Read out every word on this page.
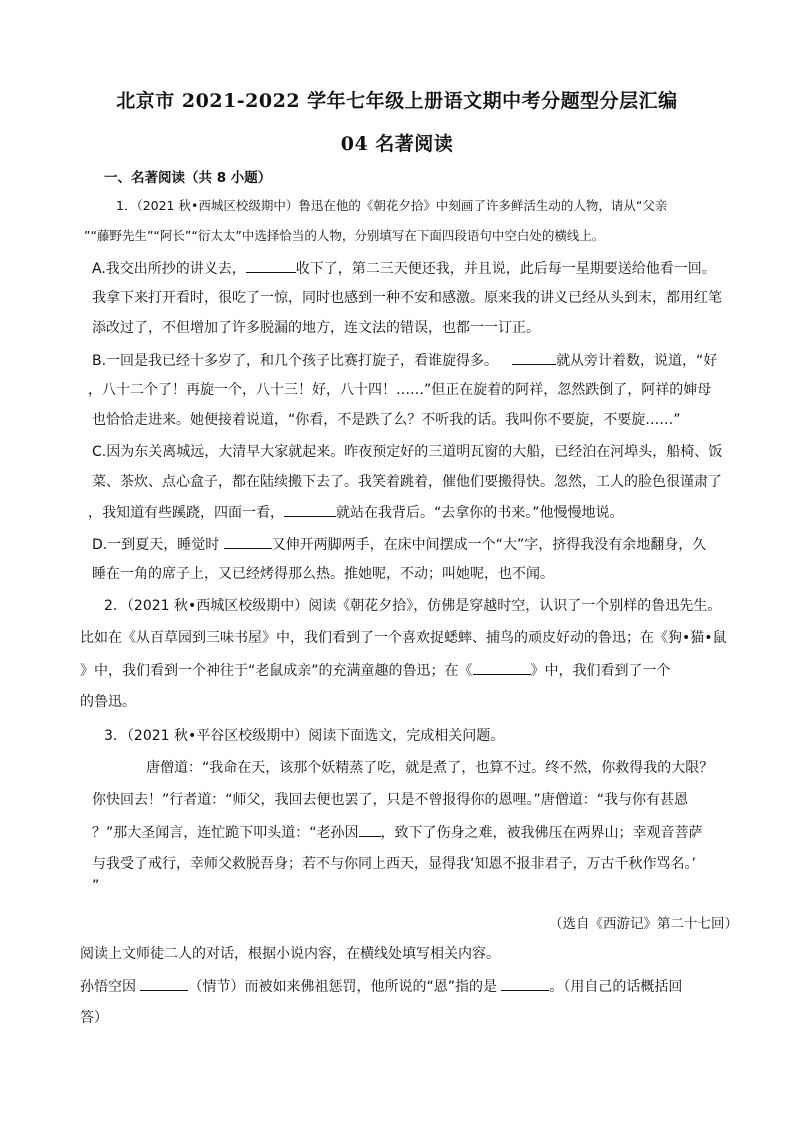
北京市 2021-2022 学年七年级上册语文期中考分题型分层汇编
04 名著阅读
一、名著阅读（共 8 小题）
1．（2021 秋•西城区校级期中）鲁迅在他的《朝花夕拾》中刻画了许多鲜活生动的人物，请从“父亲
”“藤野先生”“阿长”“衍太太”中选择恰当的人物，分别填写在下面四段语句中空白处的横线上。
A.我交出所抄的讲义去，	收下了，第二三天便还我，并且说，此后每一星期要送给他看一回。
我拿下来打开看时，很吃了一惊，同时也感到一种不安和感激。原来我的讲义已经从头到末，都用红笔
添改过了，不但增加了许多脱漏的地方，连文法的错误，也都一一订正。
B.一回是我已经十多岁了，和几个孩子比赛打旋子，看谁旋得多。	就从旁计着数，说道，“好
，八十二个了！再旋一个，八十三！好，八十四！……”但正在旋着的阿祥，忽然跌倒了，阿祥的婶母
也恰恰走进来。她便接着说道，“你看，不是跌了么？不听我的话。我叫你不要旋，不要旋……”
C.因为东关离城远，大清早大家就起来。昨夜预定好的三道明瓦窗的大船，已经泊在河埠头，船椅、饭
菜、茶炊、点心盒子，都在陆续搬下去了。我笑着跳着，催他们要搬得快。忽然，工人的脸色很谨肃了
，我知道有些蹊跷，四面一看，	就站在我背后。“去拿你的书来。”他慢慢地说。
D.一到夏天，睡觉时	又伸开两脚两手，在床中间摆成一个“大”字，挤得我没有余地翻身，久
睡在一角的席子上，又已经烤得那么热。推她呢，不动；叫她呢，也不闻。
2．（2021 秋•西城区校级期中）阅读《朝花夕拾》，仿佛是穿越时空，认识了一个别样的鲁迅先生。
比如在《从百草园到三味书屋》中，我们看到了一个喜欢捉蟋蟀、捕鸟的顽皮好动的鲁迅；在《狗•猫•鼠
》中，我们看到一个神往于“老鼠成亲”的充满童趣的鲁迅；在《	》中，我们看到了一个
的鲁迅。
3．（2021 秋•平谷区校级期中）阅读下面选文，完成相关问题。
唐僧道：“我命在天，该那个妖精蒸了吃，就是煮了，也算不过。终不然，你救得我的大限？
你快回去！”行者道：“师父，我回去便也罢了，只是不曾报得你的恩哩。”唐僧道：“我与你有甚恩
？”那大圣闻言，连忙跪下叩头道：“老孙因 ，致下了伤身之难，被我佛压在两界山；幸观音菩萨
与我受了戒行，幸师父救脱吾身；若不与你同上西天，显得我‘知恩不报非君子，万古千秋作骂名。’
”
（选自《西游记》第二十七回）
阅读上文师徒二人的对话，根据小说内容，在横线处填写相关内容。
孙悟空因	（情节）而被如来佛祖惩罚，他所说的“恩”指的是	。（用自己的话概括回
答）
